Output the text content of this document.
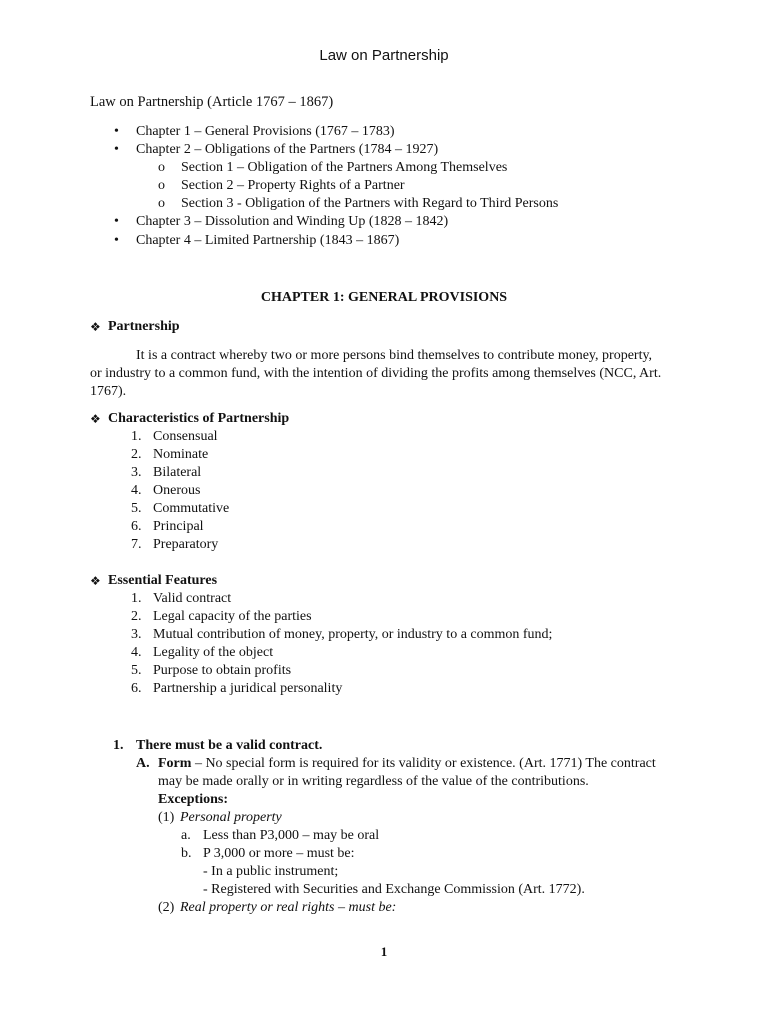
Law on Partnership
Law on Partnership (Article 1767 – 1867)
• Chapter 1 – General Provisions (1767 – 1783)
• Chapter 2 – Obligations of the Partners (1784 – 1927)
o Section 1 – Obligation of the Partners Among Themselves
o Section 2 – Property Rights of a Partner
o Section 3 - Obligation of the Partners with Regard to Third Persons
• Chapter 3 – Dissolution and Winding Up (1828 – 1842)
• Chapter 4 – Limited Partnership (1843 – 1867)
CHAPTER 1: GENERAL PROVISIONS
❖ Partnership
It is a contract whereby two or more persons bind themselves to contribute money, property,
or industry to a common fund, with the intention of dividing the profits among themselves (NCC, Art.
1767).
❖ Characteristics of Partnership
1. Consensual
2. Nominate
3. Bilateral
4. Onerous
5. Commutative
6. Principal
7. Preparatory
❖ Essential Features
1. Valid contract
2. Legal capacity of the parties
3. Mutual contribution of money, property, or industry to a common fund;
4. Legality of the object
5. Purpose to obtain profits
6. Partnership a juridical personality
1. There must be a valid contract.
A. Form – No special form is required for its validity or existence. (Art. 1771) The contract
may be made orally or in writing regardless of the value of the contributions.
Exceptions:
(1) Personal property
a. Less than P3,000 – may be oral
b. P 3,000 or more – must be:
- In a public instrument;
- Registered with Securities and Exchange Commission (Art. 1772).
(2) Real property or real rights – must be:
1
